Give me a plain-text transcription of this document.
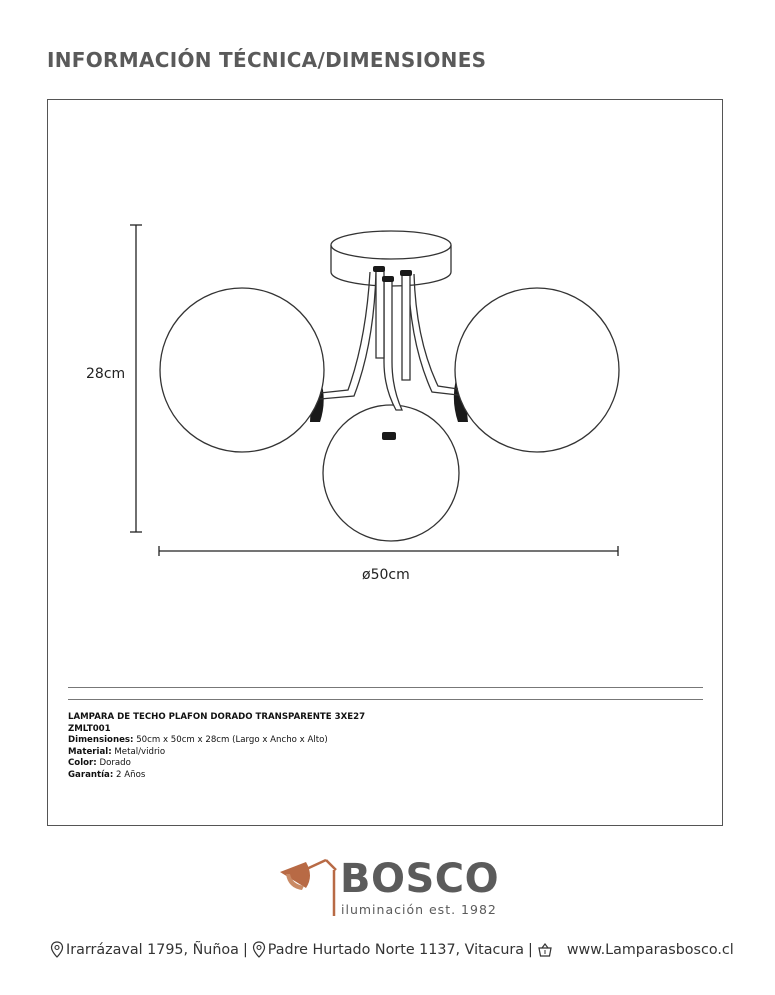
INFORMACIÓN TÉCNICA/DIMENSIONES
28cm
ø50cm
LAMPARA DE TECHO PLAFON DORADO TRANSPARENTE 3XE27
ZMLT001
Dimensiones: 50cm x 50cm x 28cm (Largo x Ancho x Alto)
Material: Metal/vidrio
Color: Dorado
Garantía: 2 Años
BOSCO
iluminación est. 1982
Irarrázaval 1795, Ñuñoa | Padre Hurtado Norte 1137, Vitacura | www.Lamparasbosco.cl
